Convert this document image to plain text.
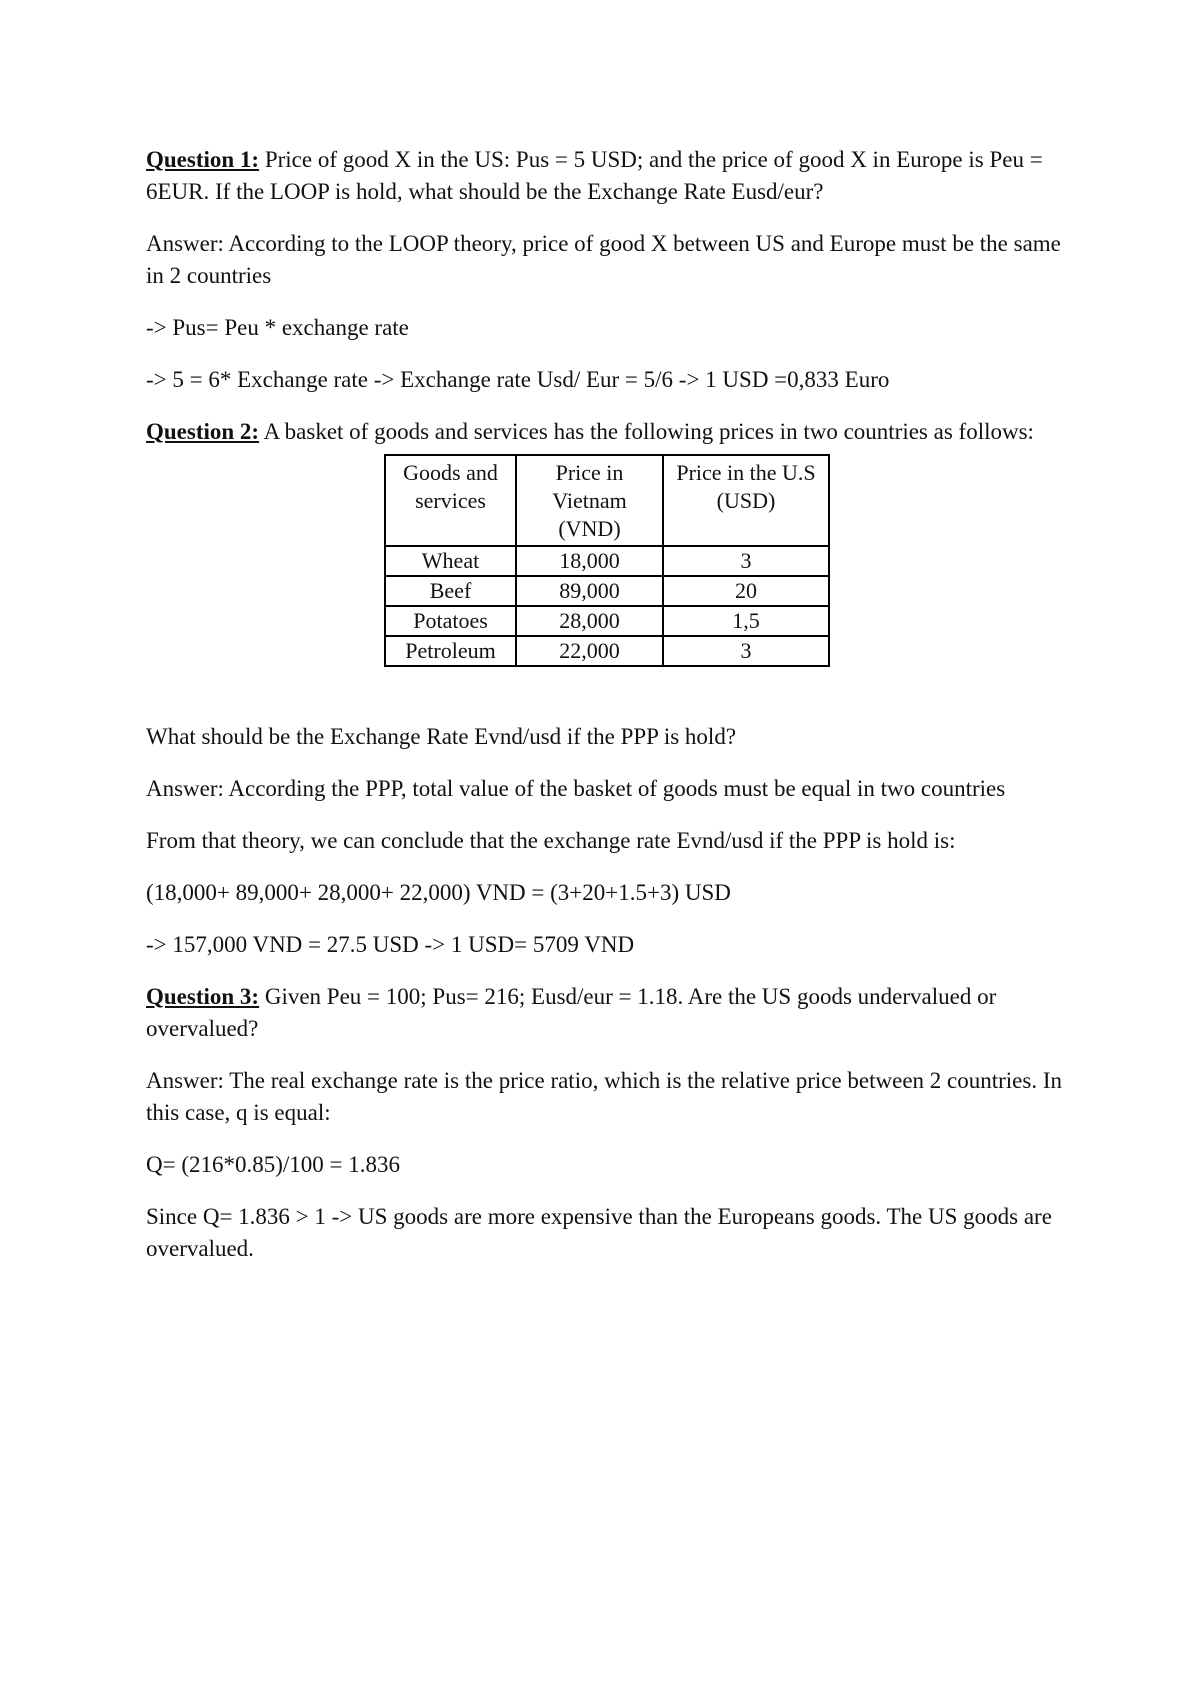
Question 1: Price of good X in the US: Pus = 5 USD; and the price of good X in Europe is Peu = 6EUR. If the LOOP is hold, what should be the Exchange Rate Eusd/eur?

Answer: According to the LOOP theory, price of good X between US and Europe must be the same in 2 countries

-> Pus= Peu * exchange rate

-> 5 = 6* Exchange rate -> Exchange rate Usd/ Eur = 5/6 -> 1 USD =0,833 Euro

Question 2: A basket of goods and services has the following prices in two countries as follows:

Goods and services	Price in Vietnam (VND)	Price in the U.S (USD)
Wheat	18,000	3
Beef	89,000	20
Potatoes	28,000	1,5
Petroleum	22,000	3

What should be the Exchange Rate Evnd/usd if the PPP is hold?

Answer: According the PPP, total value of the basket of goods must be equal in two countries

From that theory, we can conclude that the exchange rate Evnd/usd if the PPP is hold is:

(18,000+ 89,000+ 28,000+ 22,000) VND = (3+20+1.5+3) USD

-> 157,000 VND = 27.5 USD -> 1 USD= 5709 VND

Question 3: Given Peu = 100; Pus= 216; Eusd/eur = 1.18. Are the US goods undervalued or overvalued?

Answer: The real exchange rate is the price ratio, which is the relative price between 2 countries. In this case, q is equal:

Q= (216*0.85)/100 = 1.836

Since Q= 1.836 > 1 -> US goods are more expensive than the Europeans goods. The US goods are overvalued.
